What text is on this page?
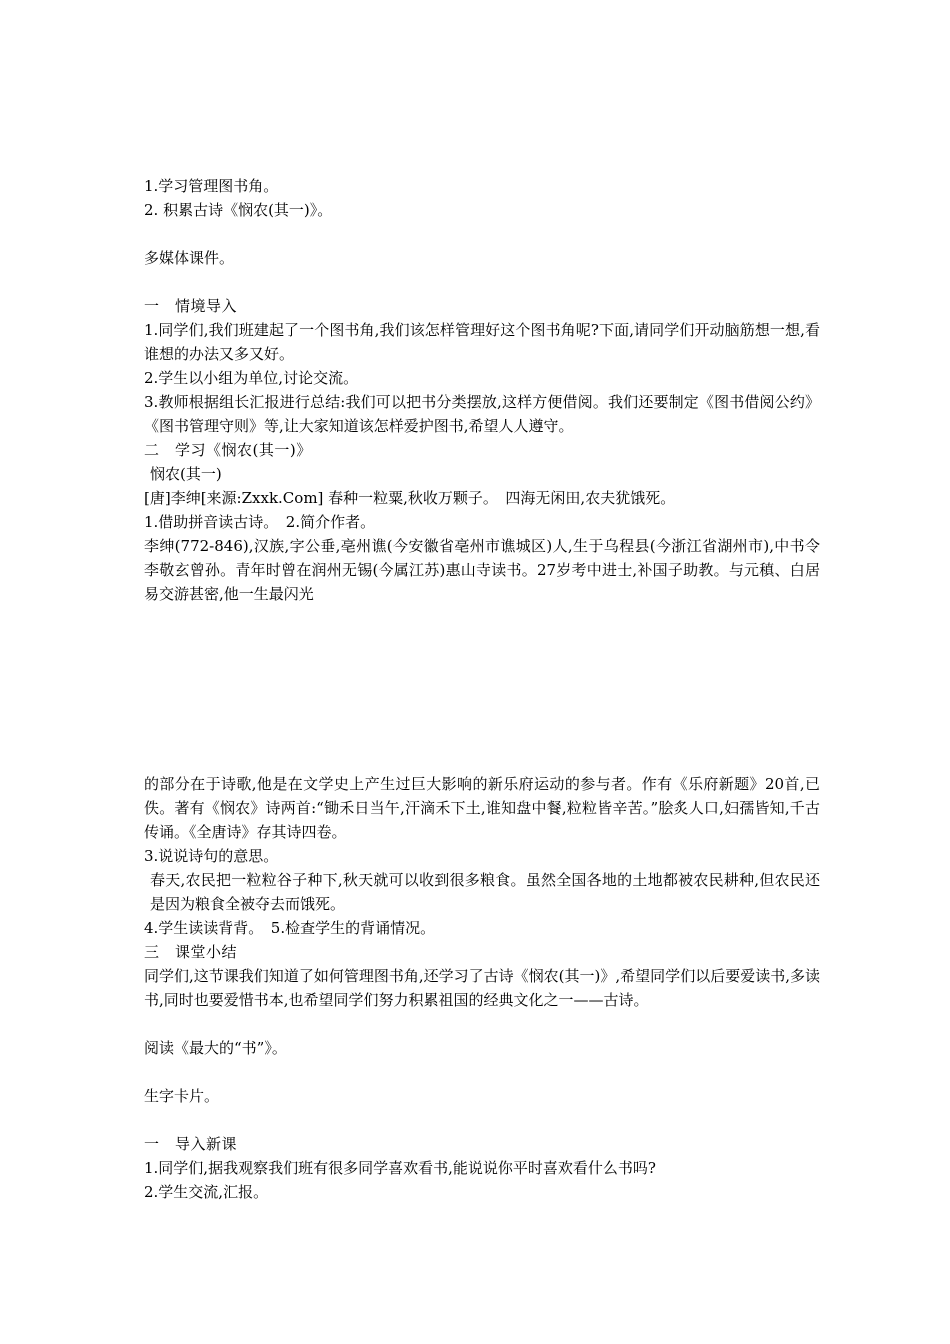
1.学习管理图书角。
2. 积累古诗《悯农(其一)》。
多媒体课件。
一　情境导入
1.同学们,我们班建起了一个图书角,我们该怎样管理好这个图书角呢?下面,请同学们开动脑筋想一想,看谁想的办法又多又好。
2.学生以小组为单位,讨论交流。
3.教师根据组长汇报进行总结:我们可以把书分类摆放,这样方便借阅。我们还要制定《图书借阅公约》《图书管理守则》等,让大家知道该怎样爱护图书,希望人人遵守。
二　学习《悯农(其一)》
悯农(其一)
[唐]李绅[来源:Zxxk.Com] 春种一粒粟,秋收万颗子。　四海无闲田,农夫犹饿死。
1.借助拼音读古诗。　2.简介作者。
李绅(772-846),汉族,字公垂,亳州谯(今安徽省亳州市谯城区)人,生于乌程县(今浙江省湖州市),中书令李敬玄曾孙。青年时曾在润州无锡(今属江苏)惠山寺读书。27岁考中进士,补国子助教。与元稹、白居易交游甚密,他一生最闪光
的部分在于诗歌,他是在文学史上产生过巨大影响的新乐府运动的参与者。作有《乐府新题》20首,已佚。著有《悯农》诗两首:“锄禾日当午,汗滴禾下土,谁知盘中餐,粒粒皆辛苦。”脍炙人口,妇孺皆知,千古传诵。《全唐诗》存其诗四卷。
3.说说诗句的意思。
春天,农民把一粒粒谷子种下,秋天就可以收到很多粮食。虽然全国各地的土地都被农民耕种,但农民还是因为粮食全被夺去而饿死。
4.学生读读背背。　5.检查学生的背诵情况。
三　课堂小结
同学们,这节课我们知道了如何管理图书角,还学习了古诗《悯农(其一)》,希望同学们以后要爱读书,多读书,同时也要爱惜书本,也希望同学们努力积累祖国的经典文化之一——古诗。
阅读《最大的“书”》。
生字卡片。
一　导入新课
1.同学们,据我观察我们班有很多同学喜欢看书,能说说你平时喜欢看什么书吗?
2.学生交流,汇报。
